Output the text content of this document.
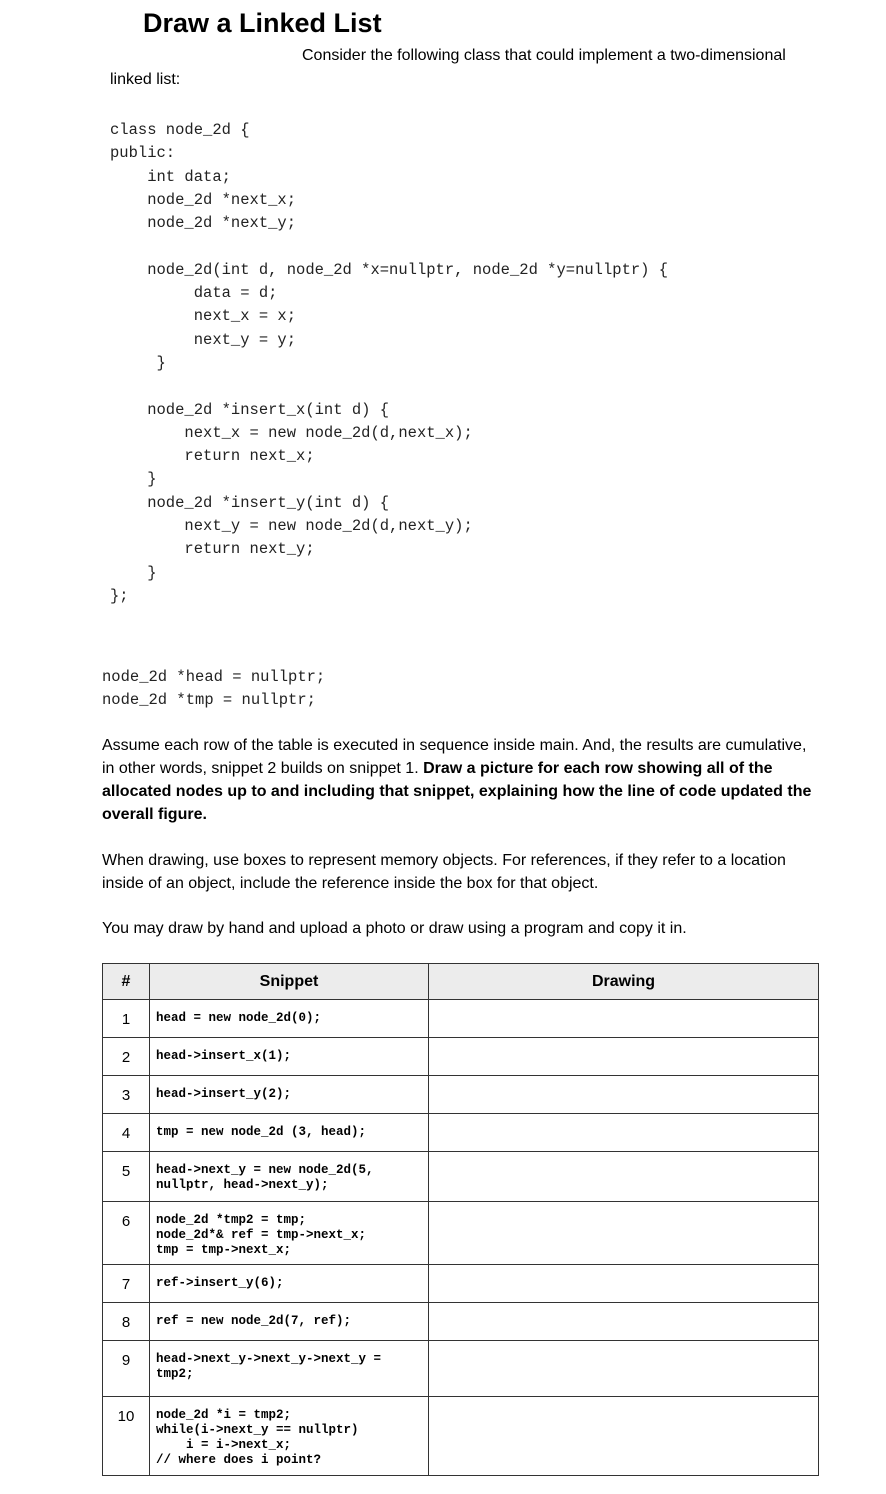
Draw a Linked List
Consider the following class that could implement a two-dimensional
linked list:
class node_2d {
public:
int data;
node_2d *next_x;
node_2d *next_y;
node_2d(int d, node_2d *x=nullptr, node_2d *y=nullptr) {
data = d;
next_x = x;
next_y = y;
}
node_2d *insert_x(int d) {
next_x = new node_2d(d,next_x);
return next_x;
}
node_2d *insert_y(int d) {
next_y = new node_2d(d,next_y);
return next_y;
}
};
node_2d *head = nullptr;
node_2d *tmp = nullptr;
Assume each row of the table is executed in sequence inside main. And, the results are cumulative, in other words, snippet 2 builds on snippet 1. Draw a picture for each row showing all of the allocated nodes up to and including that snippet, explaining how the line of code updated the overall figure.
When drawing, use boxes to represent memory objects. For references, if they refer to a location inside of an object, include the reference inside the box for that object.
You may draw by hand and upload a photo or draw using a program and copy it in.
#	Snippet	Drawing
1	head = new node_2d(0);	
2	head->insert_x(1);	
3	head->insert_y(2);	
4	tmp = new node_2d (3, head);	
5	head->next_y = new node_2d(5,
nullptr, head->next_y);	
6	node_2d *tmp2 = tmp;
node_2d*& ref = tmp->next_x;
tmp = tmp->next_x;	
7	ref->insert_y(6);	
8	ref = new node_2d(7, ref);	
9	head->next_y->next_y->next_y =
tmp2;	
10	node_2d *i = tmp2;
while(i->next_y == nullptr)
i = i->next_x;
// where does i point?	
